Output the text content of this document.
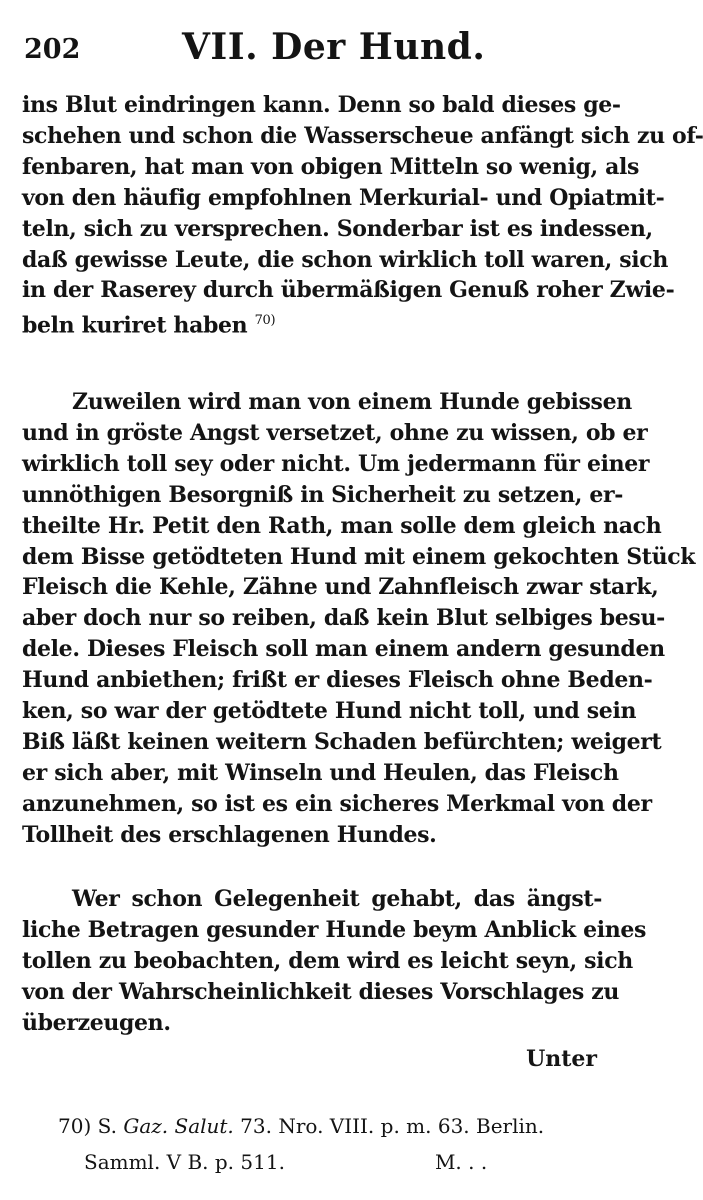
202	VII. Der Hund.
ins Blut eindringen kann. Denn so bald dieses ge-
schehen und schon die Wasserscheue anfängt sich zu of-
fenbaren, hat man von obigen Mitteln so wenig, als
von den häufig empfohlnen Merkurial- und Opiatmit-
teln, sich zu versprechen. Sonderbar ist es indessen,
daß gewisse Leute, die schon wirklich toll waren, sich
in der Raserey durch übermäßigen Genuß roher Zwie-
beln kuriret haben $^{70)}$
Zuweilen wird man von einem Hunde gebissen
und in gröste Angst versetzet, ohne zu wissen, ob er
wirklich toll sey oder nicht. Um jedermann für einer
unnöthigen Besorgniß in Sicherheit zu setzen, er-
theilte Hr. Petit den Rath, man solle dem gleich nach
dem Bisse getödteten Hund mit einem gekochten Stück
Fleisch die Kehle, Zähne und Zahnfleisch zwar stark,
aber doch nur so reiben, daß kein Blut selbiges besu-
dele. Dieses Fleisch soll man einem andern gesunden
Hund anbiethen; frißt er dieses Fleisch ohne Beden-
ken, so war der getödtete Hund nicht toll, und sein
Biß läßt keinen weitern Schaden befürchten; weigert
er sich aber, mit Winseln und Heulen, das Fleisch
anzunehmen, so ist es ein sicheres Merkmal von der
Tollheit des erschlagenen Hundes.
Wer schon Gelegenheit gehabt, das ängst-
liche Betragen gesunder Hunde beym Anblick eines
tollen zu beobachten, dem wird es leicht seyn, sich
von der Wahrscheinlichkeit dieses Vorschlages zu
überzeugen.
Unter
70) S. Gaz. Salut. 73. Nro. VIII. p. m. 63. Berlin.
Samml. V B. p. 511.	M. . .
